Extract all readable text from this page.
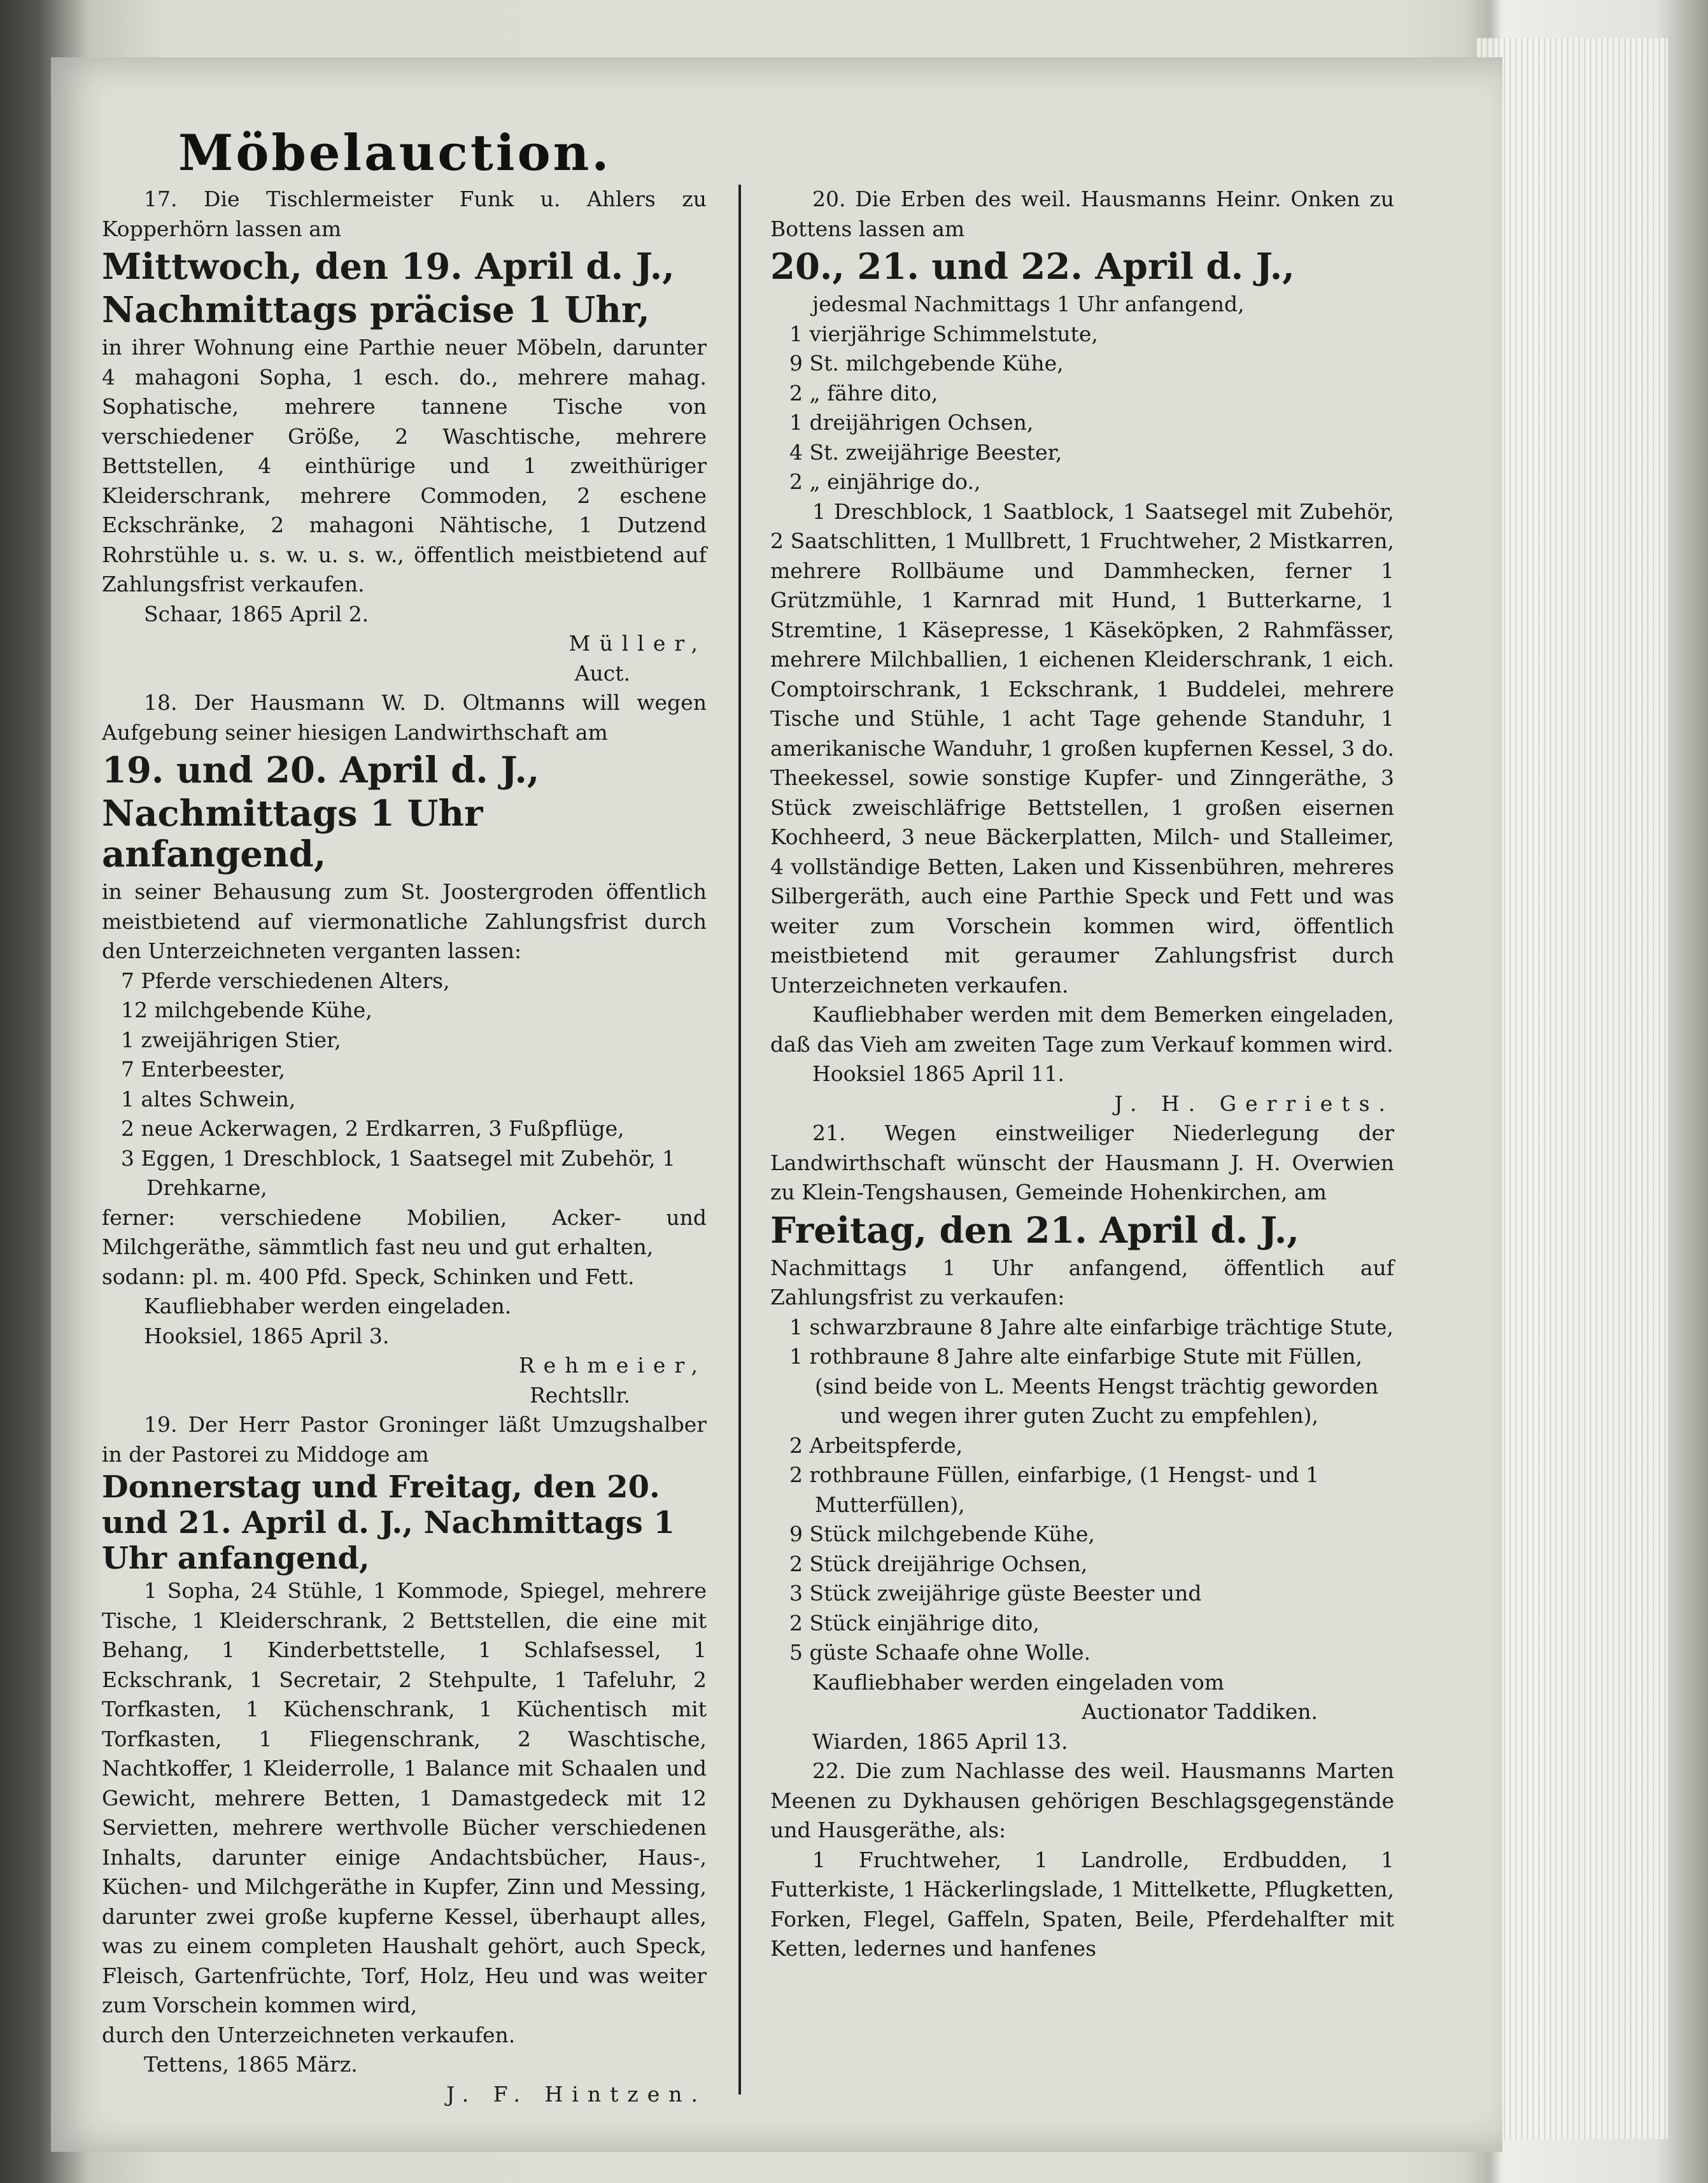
Möbelauction.

17. Die Tischlermeister Funk u. Ahlers zu Kopperhörn lassen am

Mittwoch, den 19. April d. J.,

Nachmittags präcise 1 Uhr,

in ihrer Wohnung eine Parthie neuer Möbeln, darunter 4 mahagoni Sopha, 1 esch. do., mehrere mahag. Sophatische, mehrere tannene Tische von verschiedener Größe, 2 Waschtische, mehrere Bettstellen, 4 einthürige und 1 zweithüriger Kleiderschrank, mehrere Commoden, 2 eschene Eckschränke, 2 mahagoni Nähtische, 1 Dutzend Rohrstühle u. s. w. u. s. w., öffentlich meistbietend auf Zahlungsfrist verkaufen.

Schaar, 1865 April 2.

Müller,

Auct.

18. Der Hausmann W. D. Oltmanns will wegen Aufgebung seiner hiesigen Landwirthschaft am

19. und 20. April d. J.,

Nachmittags 1 Uhr anfangend,

in seiner Behausung zum St. Joostergroden öffentlich meistbietend auf viermonatliche Zahlungsfrist durch den Unterzeichneten verganten lassen:

7 Pferde verschiedenen Alters,

12 milchgebende Kühe,

1 zweijährigen Stier,

7 Enterbeester,

1 altes Schwein,

2 neue Ackerwagen, 2 Erdkarren, 3 Fußpflüge,

3 Eggen, 1 Dreschblock, 1 Saatsegel mit Zubehör, 1 Drehkarne,

ferner: verschiedene Mobilien, Acker- und Milchgeräthe, sämmtlich fast neu und gut erhalten,

sodann: pl. m. 400 Pfd. Speck, Schinken und Fett.

Kaufliebhaber werden eingeladen.

Hooksiel, 1865 April 3.

Rehmeier,

Rechtsllr.

19. Der Herr Pastor Groninger läßt Umzugshalber in der Pastorei zu Middoge am

Donnerstag und Freitag, den 20. und 21. April d. J., Nachmittags 1 Uhr anfangend,

1 Sopha, 24 Stühle, 1 Kommode, Spiegel, mehrere Tische, 1 Kleiderschrank, 2 Bettstellen, die eine mit Behang, 1 Kinderbettstelle, 1 Schlafsessel, 1 Eckschrank, 1 Secretair, 2 Stehpulte, 1 Tafeluhr, 2 Torfkasten, 1 Küchenschrank, 1 Küchentisch mit Torfkasten, 1 Fliegenschrank, 2 Waschtische, Nachtkoffer, 1 Kleiderrolle, 1 Balance mit Schaalen und Gewicht, mehrere Betten, 1 Damastgedeck mit 12 Servietten, mehrere werthvolle Bücher verschiedenen Inhalts, darunter einige Andachtsbücher, Haus-, Küchen- und Milchgeräthe in Kupfer, Zinn und Messing, darunter zwei große kupferne Kessel, überhaupt alles, was zu einem completen Haushalt gehört, auch Speck, Fleisch, Gartenfrüchte, Torf, Holz, Heu und was weiter zum Vorschein kommen wird,

durch den Unterzeichneten verkaufen.

Tettens, 1865 März.

J. F. Hintzen.

20. Die Erben des weil. Hausmanns Heinr. Onken zu Bottens lassen am

20., 21. und 22. April d. J.,

jedesmal Nachmittags 1 Uhr anfangend,

1 vierjährige Schimmelstute,

9 St. milchgebende Kühe,

2 „ fähre dito,

1 dreijährigen Ochsen,

4 St. zweijährige Beester,

2 „ einjährige do.,

1 Dreschblock, 1 Saatblock, 1 Saatsegel mit Zubehör, 2 Saatschlitten, 1 Mullbrett, 1 Fruchtweher, 2 Mistkarren, mehrere Rollbäume und Dammhecken, ferner 1 Grützmühle, 1 Karnrad mit Hund, 1 Butterkarne, 1 Stremtine, 1 Käsepresse, 1 Käseköpken, 2 Rahmfässer, mehrere Milchballien, 1 eichenen Kleiderschrank, 1 eich. Comptoirschrank, 1 Eckschrank, 1 Buddelei, mehrere Tische und Stühle, 1 acht Tage gehende Standuhr, 1 amerikanische Wanduhr, 1 großen kupfernen Kessel, 3 do. Theekessel, sowie sonstige Kupfer- und Zinngeräthe, 3 Stück zweischläfrige Bettstellen, 1 großen eisernen Kochheerd, 3 neue Bäckerplatten, Milch- und Stalleimer, 4 vollständige Betten, Laken und Kissenbühren, mehreres Silbergeräth, auch eine Parthie Speck und Fett und was weiter zum Vorschein kommen wird, öffentlich meistbietend mit geraumer Zahlungsfrist durch Unterzeichneten verkaufen.

Kaufliebhaber werden mit dem Bemerken eingeladen, daß das Vieh am zweiten Tage zum Verkauf kommen wird.

Hooksiel 1865 April 11.

J. H. Gerriets.

21. Wegen einstweiliger Niederlegung der Landwirthschaft wünscht der Hausmann J. H. Overwien zu Klein-Tengshausen, Gemeinde Hohenkirchen, am

Freitag, den 21. April d. J.,

Nachmittags 1 Uhr anfangend, öffentlich auf Zahlungsfrist zu verkaufen:

1 schwarzbraune 8 Jahre alte einfarbige trächtige Stute,

1 rothbraune 8 Jahre alte einfarbige Stute mit Füllen,

(sind beide von L. Meents Hengst trächtig geworden und wegen ihrer guten Zucht zu empfehlen),

2 Arbeitspferde,

2 rothbraune Füllen, einfarbige, (1 Hengst- und 1 Mutterfüllen),

9 Stück milchgebende Kühe,

2 Stück dreijährige Ochsen,

3 Stück zweijährige güste Beester und

2 Stück einjährige dito,

5 güste Schaafe ohne Wolle.

Kaufliebhaber werden eingeladen vom

Auctionator Taddiken.

Wiarden, 1865 April 13.

22. Die zum Nachlasse des weil. Hausmanns Marten Meenen zu Dykhausen gehörigen Beschlagsgegenstände und Hausgeräthe, als:

1 Fruchtweher, 1 Landrolle, Erdbudden, 1 Futterkiste, 1 Häckerlingslade, 1 Mittelkette, Pflugketten, Forken, Flegel, Gaffeln, Spaten, Beile, Pferdehalfter mit Ketten, ledernes und hanfenes
